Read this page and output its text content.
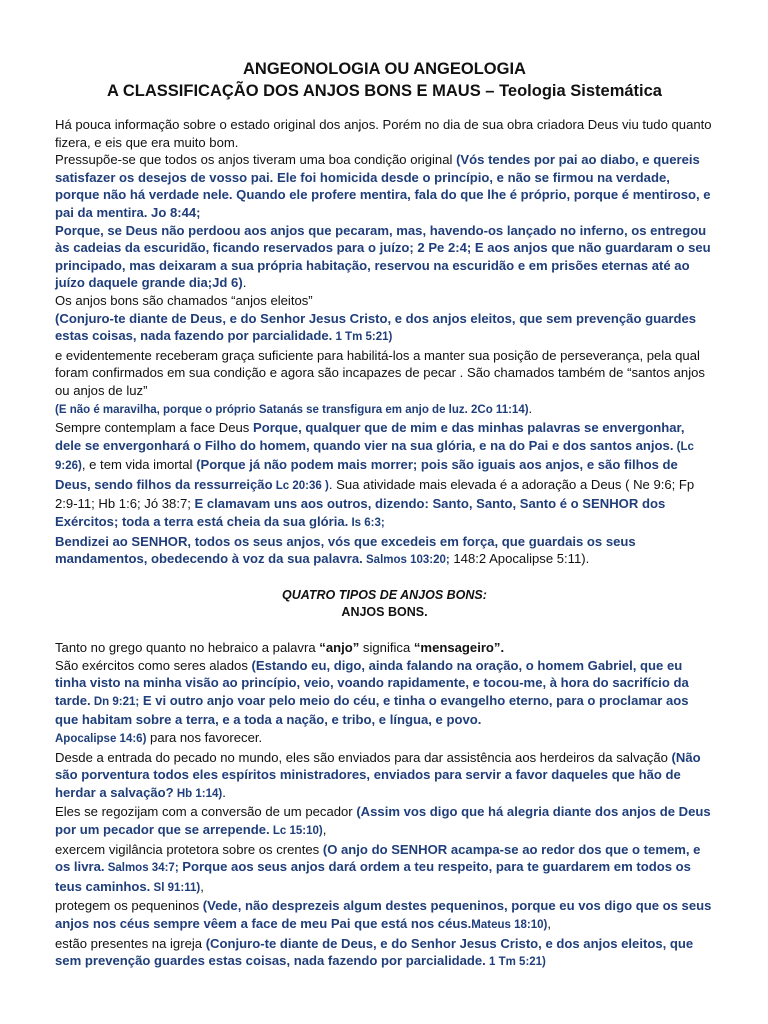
ANGEONOLOGIA OU ANGEOLOGIA
A CLASSIFICAÇÃO DOS ANJOS BONS E MAUS – Teologia Sistemática

Há pouca informação sobre o estado original dos anjos. Porém no dia de sua obra criadora Deus viu tudo quanto fizera, e eis que era muito bom.

Pressupõe-se que todos os anjos tiveram uma boa condição original (Vós tendes por pai ao diabo, e quereis satisfazer os desejos de vosso pai. Ele foi homicida desde o princípio, e não se firmou na verdade, porque não há verdade nele. Quando ele profere mentira, fala do que lhe é próprio, porque é mentiroso, e pai da mentira. Jo 8:44;
Porque, se Deus não perdoou aos anjos que pecaram, mas, havendo-os lançado no inferno, os entregou às cadeias da escuridão, ficando reservados para o juízo; 2 Pe 2:4; E aos anjos que não guardaram o seu principado, mas deixaram a sua própria habitação, reservou na escuridão e em prisões eternas até ao juízo daquele grande dia;Jd 6).

Os anjos bons são chamados “anjos eleitos”

(Conjuro-te diante de Deus, e do Senhor Jesus Cristo, e dos anjos eleitos, que sem prevenção guardes estas coisas, nada fazendo por parcialidade. 1 Tm 5:21)

e evidentemente receberam graça suficiente para habilitá-los a manter sua posição de perseverança, pela qual foram confirmados em sua condição e agora são incapazes de pecar . São chamados também de “santos anjos ou anjos de luz”

(E não é maravilha, porque o próprio Satanás se transfigura em anjo de luz. 2Co 11:14).

Sempre contemplam a face Deus Porque, qualquer que de mim e das minhas palavras se envergonhar, dele se envergonhará o Filho do homem, quando vier na sua glória, e na do Pai e dos santos anjos. (Lc 9:26), e tem vida imortal (Porque já não podem mais morrer; pois são iguais aos anjos, e são filhos de Deus, sendo filhos da ressurreição Lc 20:36 ). Sua atividade mais elevada é a adoração a Deus ( Ne 9:6; Fp 2:9-11; Hb 1:6; Jó 38:7; E clamavam uns aos outros, dizendo: Santo, Santo, Santo é o SENHOR dos Exércitos; toda a terra está cheia da sua glória. Is 6:3;
Bendizei ao SENHOR, todos os seus anjos, vós que excedeis em força, que guardais os seus mandamentos, obedecendo à voz da sua palavra. Salmos 103:20; 148:2 Apocalipse 5:11).

QUATRO TIPOS DE ANJOS BONS:

ANJOS BONS.

Tanto no grego quanto no hebraico a palavra “anjo” significa “mensageiro”.

São exércitos como seres alados (Estando eu, digo, ainda falando na oração, o homem Gabriel, que eu tinha visto na minha visão ao princípio, veio, voando rapidamente, e tocou-me, à hora do sacrifício da tarde. Dn 9:21; E vi outro anjo voar pelo meio do céu, e tinha o evangelho eterno, para o proclamar aos que habitam sobre a terra, e a toda a nação, e tribo, e língua, e povo.
Apocalipse 14:6) para nos favorecer.

Desde a entrada do pecado no mundo, eles são enviados para dar assistência aos herdeiros da salvação (Não são porventura todos eles espíritos ministradores, enviados para servir a favor daqueles que hão de herdar a salvação? Hb 1:14).

Eles se regozijam com a conversão de um pecador (Assim vos digo que há alegria diante dos anjos de Deus por um pecador que se arrepende. Lc 15:10),

exercem vigilância protetora sobre os crentes (O anjo do SENHOR acampa-se ao redor dos que o temem, e os livra. Salmos 34:7; Porque aos seus anjos dará ordem a teu respeito, para te guardarem em todos os teus caminhos. Sl 91:11),

protegem os pequeninos (Vede, não desprezeis algum destes pequeninos, porque eu vos digo que os seus anjos nos céus sempre vêem a face de meu Pai que está nos céus.Mateus 18:10),

estão presentes na igreja (Conjuro-te diante de Deus, e do Senhor Jesus Cristo, e dos anjos eleitos, que sem prevenção guardes estas coisas, nada fazendo por parcialidade. 1 Tm 5:21)
